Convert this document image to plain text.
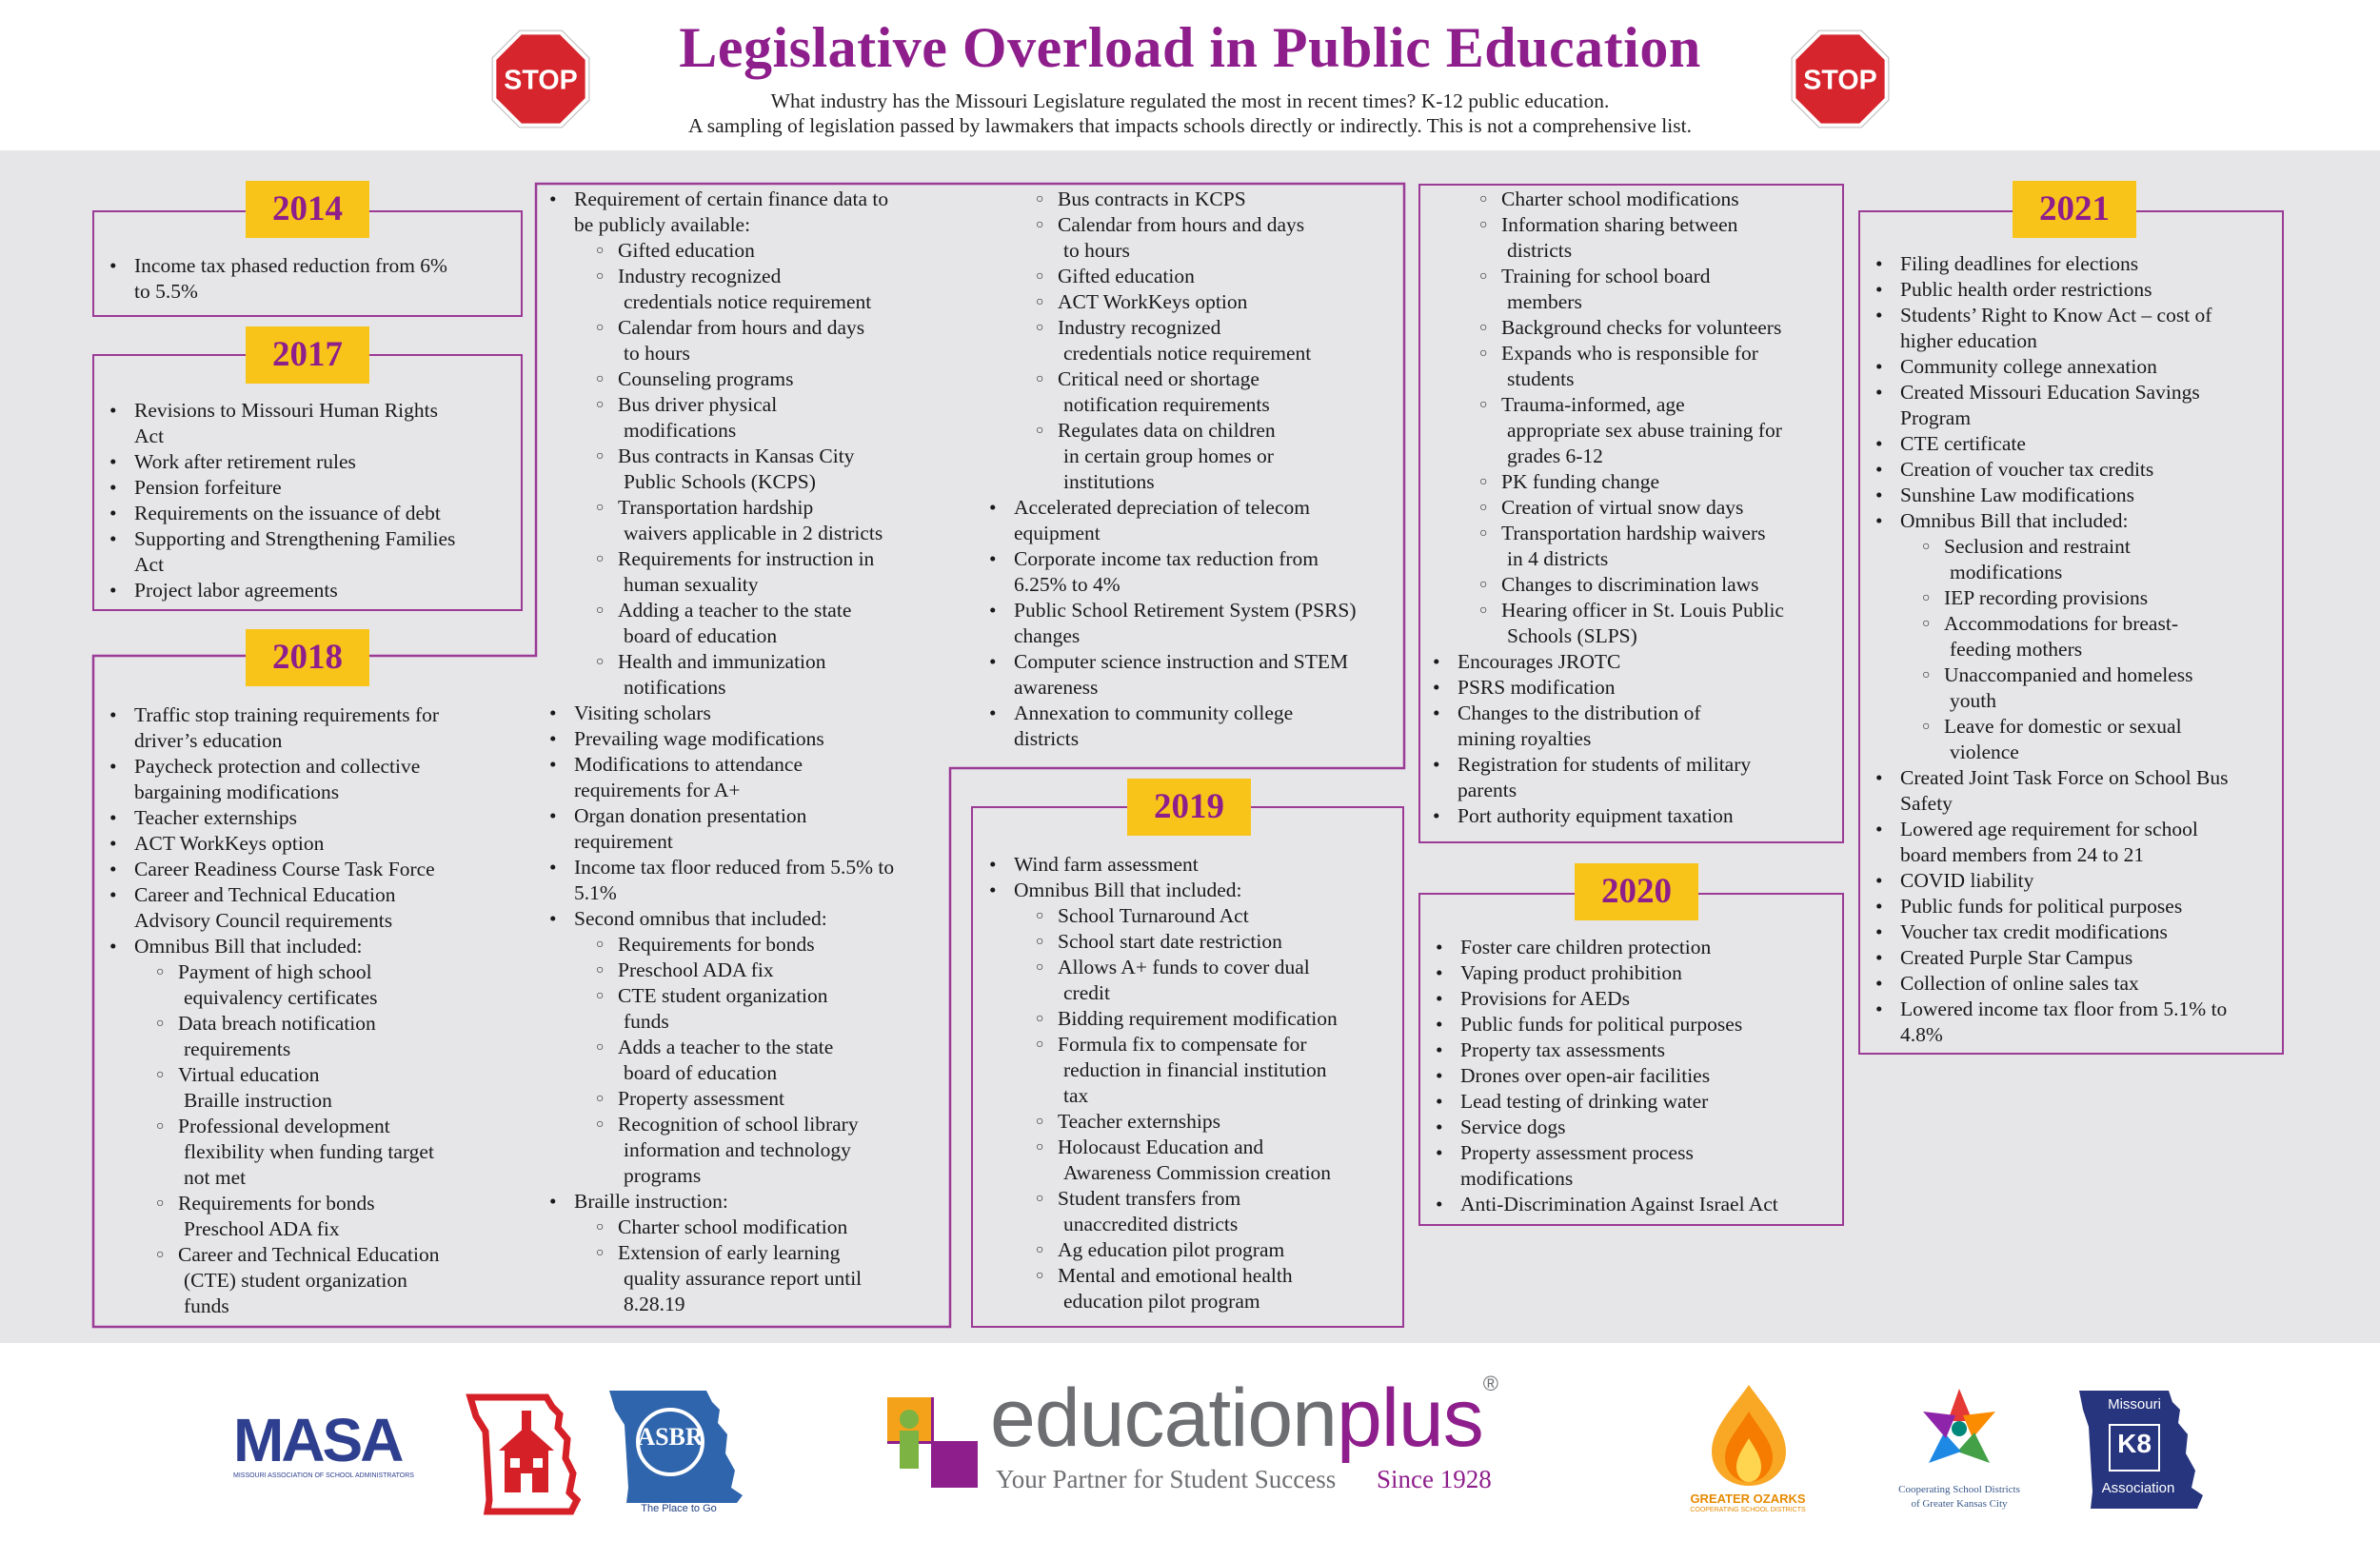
STOP	STOP
Legislative Overload in Public Education
What industry has the Missouri Legislature regulated the most in recent times? K-12 public education.
A sampling of legislation passed by lawmakers that impacts schools directly or indirectly. This is not a comprehensive list.
2014
2017
2018
2019
2020
2021
• Income tax phased reduction from 6%
to 5.5%
• Revisions to Missouri Human Rights
Act
• Work after retirement rules
• Pension forfeiture
• Requirements on the issuance of debt
• Supporting and Strengthening Families
Act
• Project labor agreements
• Traffic stop training requirements for
driver’s education
• Paycheck protection and collective
bargaining modifications
• Teacher externships
• ACT WorkKeys option
• Career Readiness Course Task Force
• Career and Technical Education
Advisory Council requirements
• Omnibus Bill that included:
○ Payment of high school
equivalency certificates
○ Data breach notification
requirements
○ Virtual education
Braille instruction
○ Professional development
flexibility when funding target
not met
○ Requirements for bonds
Preschool ADA fix
○ Career and Technical Education
(CTE) student organization
funds
• Requirement of certain finance data to
be publicly available:
○ Gifted education
○ Industry recognized
credentials notice requirement
○ Calendar from hours and days
to hours
○ Counseling programs
○ Bus driver physical
modifications
○ Bus contracts in Kansas City
Public Schools (KCPS)
○ Transportation hardship
waivers applicable in 2 districts
○ Requirements for instruction in
human sexuality
○ Adding a teacher to the state
board of education
○ Health and immunization
notifications
• Visiting scholars
• Prevailing wage modifications
• Modifications to attendance
requirements for A+
• Organ donation presentation
requirement
• Income tax floor reduced from 5.5% to
5.1%
• Second omnibus that included:
○ Requirements for bonds
○ Preschool ADA fix
○ CTE student organization
funds
○ Adds a teacher to the state
board of education
○ Property assessment
○ Recognition of school library
information and technology
programs
• Braille instruction:
○ Charter school modification
○ Extension of early learning
quality assurance report until
8.28.19
○ Bus contracts in KCPS
○ Calendar from hours and days
to hours
○ Gifted education
○ ACT WorkKeys option
○ Industry recognized
credentials notice requirement
○ Critical need or shortage
notification requirements
○ Regulates data on children
in certain group homes or
institutions
• Accelerated depreciation of telecom
equipment
• Corporate income tax reduction from
6.25% to 4%
• Public School Retirement System (PSRS)
changes
• Computer science instruction and STEM
awareness
• Annexation to community college
districts
• Wind farm assessment
• Omnibus Bill that included:
○ School Turnaround Act
○ School start date restriction
○ Allows A+ funds to cover dual
credit
○ Bidding requirement modification
○ Formula fix to compensate for
reduction in financial institution
tax
○ Teacher externships
○ Holocaust Education and
Awareness Commission creation
○ Student transfers from
unaccredited districts
○ Ag education pilot program
○ Mental and emotional health
education pilot program
○ Charter school modifications
○ Information sharing between
districts
○ Training for school board
members
○ Background checks for volunteers
○ Expands who is responsible for
students
○ Trauma-informed, age
appropriate sex abuse training for
grades 6-12
○ PK funding change
○ Creation of virtual snow days
○ Transportation hardship waivers
in 4 districts
○ Changes to discrimination laws
○ Hearing officer in St. Louis Public
Schools (SLPS)
• Encourages JROTC
• PSRS modification
• Changes to the distribution of
mining royalties
• Registration for students of military
parents
• Port authority equipment taxation
• Foster care children protection
• Vaping product prohibition
• Provisions for AEDs
• Public funds for political purposes
• Property tax assessments
• Drones over open-air facilities
• Lead testing of drinking water
• Service dogs
• Property assessment process
modifications
• Anti-Discrimination Against Israel Act
• Filing deadlines for elections
• Public health order restrictions
• Students’ Right to Know Act – cost of
higher education
• Community college annexation
• Created Missouri Education Savings
Program
• CTE certificate
• Creation of voucher tax credits
• Sunshine Law modifications
• Omnibus Bill that included:
○ Seclusion and restraint
modifications
○ IEP recording provisions
○ Accommodations for breast-
feeding mothers
○ Unaccompanied and homeless
youth
○ Leave for domestic or sexual
violence
• Created Joint Task Force on School Bus
Safety
• Lowered age requirement for school
board members from 24 to 21
• COVID liability
• Public funds for political purposes
• Voucher tax credit modifications
• Created Purple Star Campus
• Collection of online sales tax
• Lowered income tax floor from 5.1% to
4.8%
MASA
MISSOURI ASSOCIATION OF SCHOOL ADMINISTRATORS
ASBR
The Place to Go
educationplus®
Your Partner for Student Success Since 1928
GREATER OZARKS
COOPERATING SCHOOL DISTRICTS
Cooperating School Districts
of Greater Kansas City
Missouri
K8
Association
